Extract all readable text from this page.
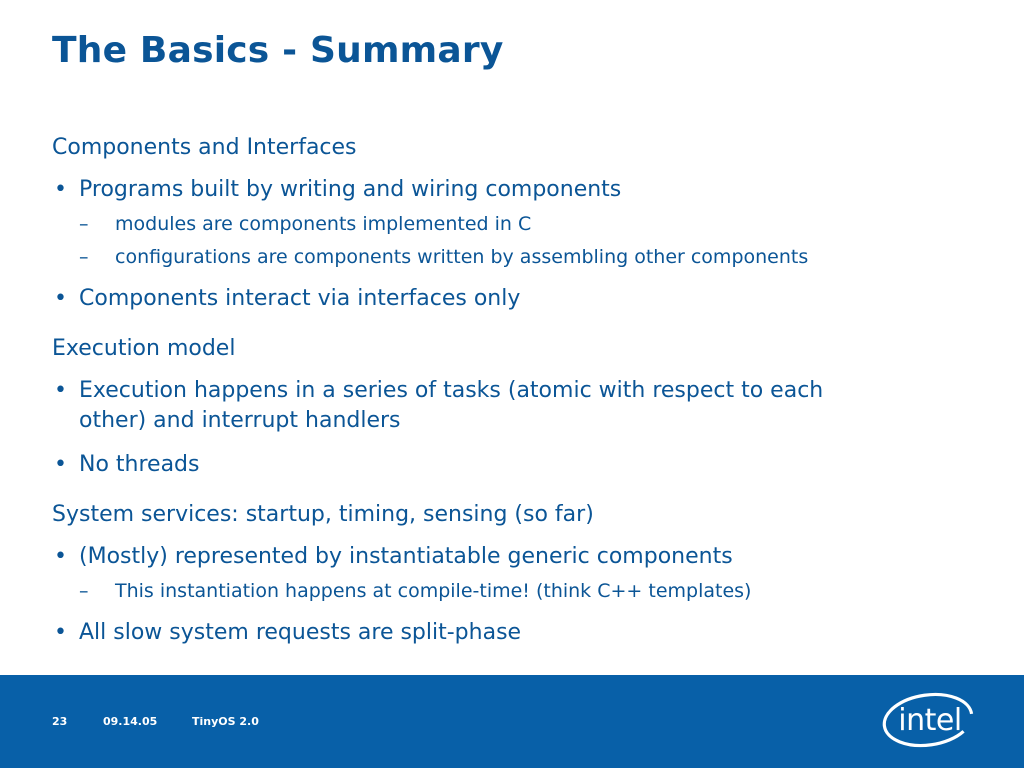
The Basics - Summary
Components and Interfaces
• Programs built by writing and wiring components
– modules are components implemented in C
– configurations are components written by assembling other components
• Components interact via interfaces only
Execution model
• Execution happens in a series of tasks (atomic with respect to each
other) and interrupt handlers
• No threads
System services: startup, timing, sensing (so far)
• (Mostly) represented by instantiatable generic components
– This instantiation happens at compile-time! (think C++ templates)
• All slow system requests are split-phase
23	09.14.05	TinyOS 2.0	intel
